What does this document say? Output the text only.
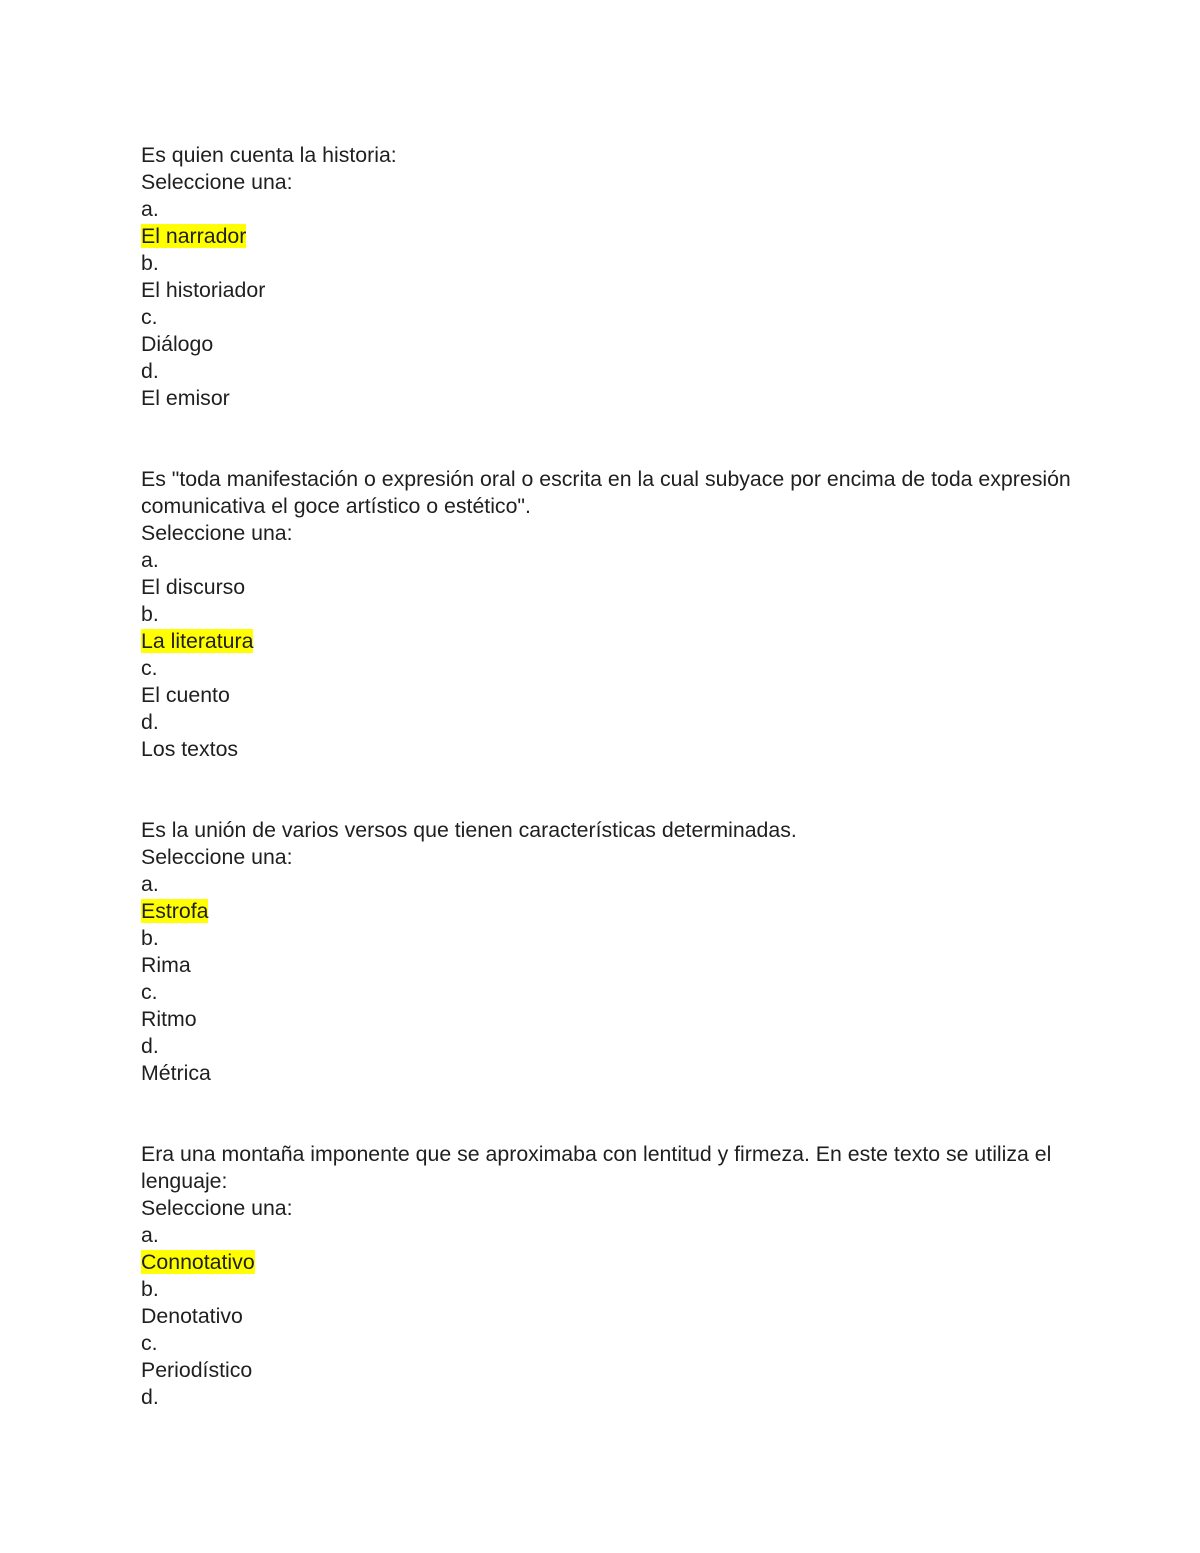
Es quien cuenta la historia:
Seleccione una:
a.
El narrador
b.
El historiador
c.
Diálogo
d.
El emisor
Es "toda manifestación o expresión oral o escrita en la cual subyace por encima de toda expresión comunicativa el goce artístico o estético".
Seleccione una:
a.
El discurso
b.
La literatura
c.
El cuento
d.
Los textos
Es la unión de varios versos que tienen características determinadas.
Seleccione una:
a.
Estrofa
b.
Rima
c.
Ritmo
d.
Métrica
Era una montaña imponente que se aproximaba con lentitud y firmeza. En este texto se utiliza el lenguaje:
Seleccione una:
a.
Connotativo
b.
Denotativo
c.
Periodístico
d.
